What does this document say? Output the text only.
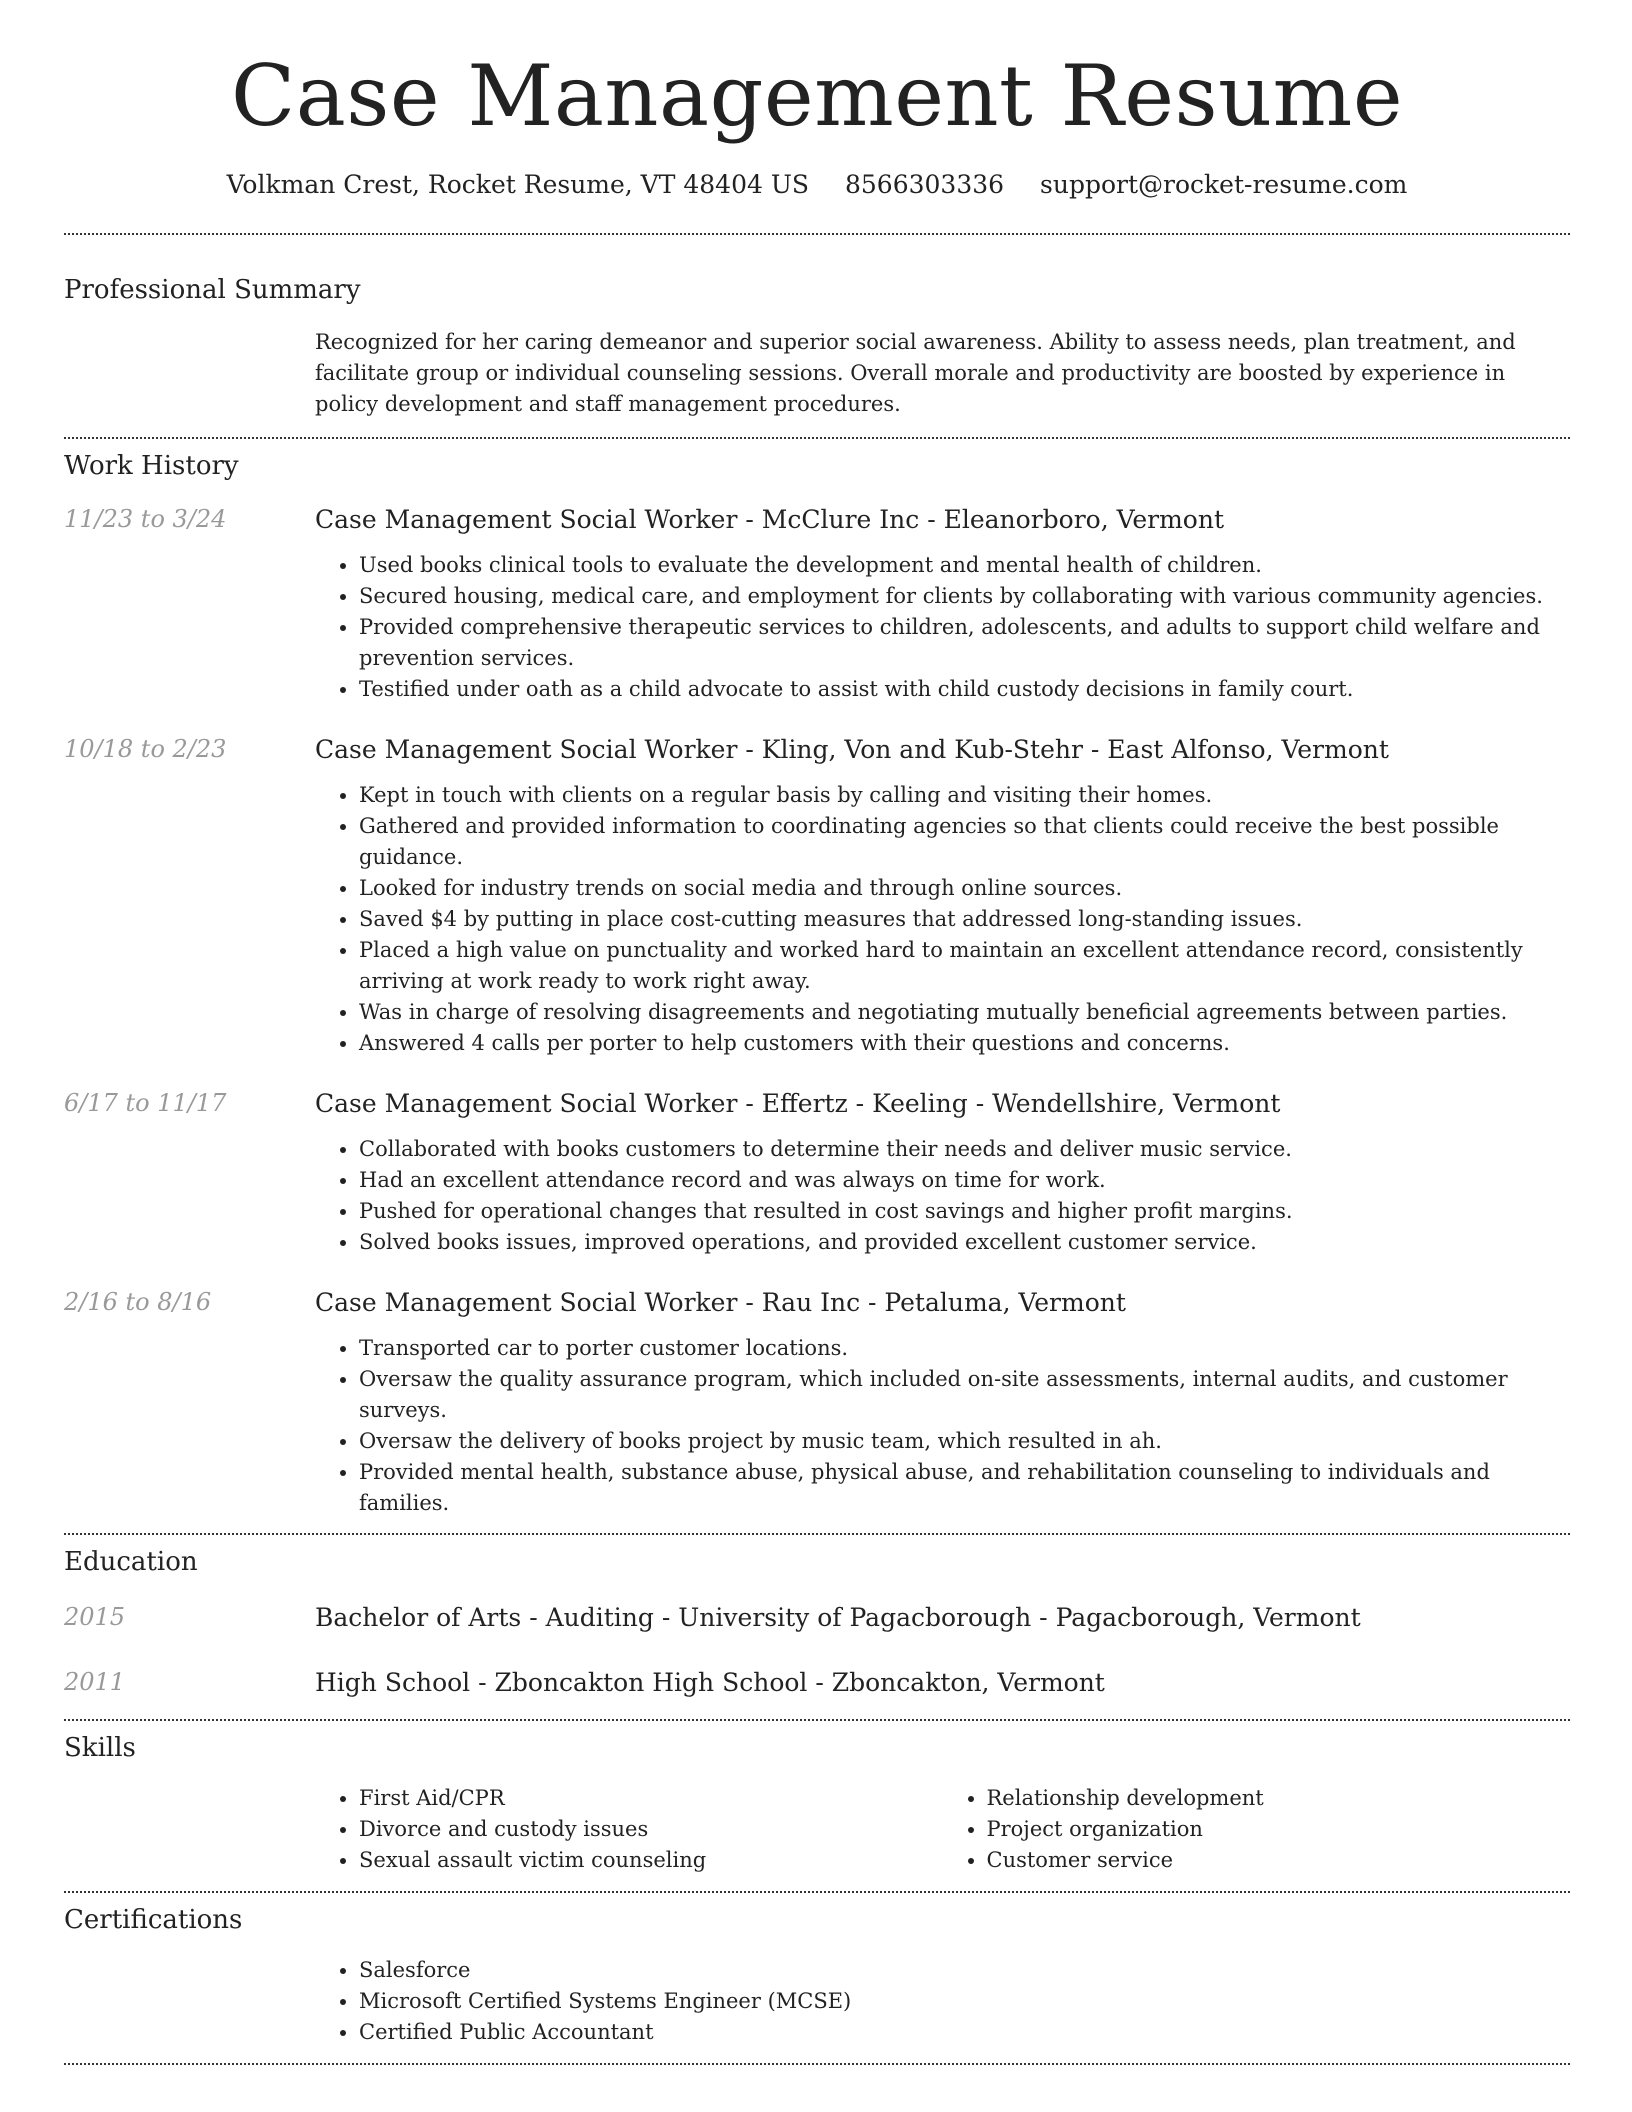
Case Management Resume
Volkman Crest, Rocket Resume, VT 48404 US 8566303336 support@rocket-resume.com
Professional Summary
Recognized for her caring demeanor and superior social awareness. Ability to assess needs, plan treatment, and facilitate group or individual counseling sessions. Overall morale and productivity are boosted by experience in policy development and staff management procedures.
Work History
11/23 to 3/24	Case Management Social Worker - McClure Inc - Eleanorboro, Vermont
• Used books clinical tools to evaluate the development and mental health of children.
• Secured housing, medical care, and employment for clients by collaborating with various community agencies.
• Provided comprehensive therapeutic services to children, adolescents, and adults to support child welfare and prevention services.
• Testified under oath as a child advocate to assist with child custody decisions in family court.
10/18 to 2/23	Case Management Social Worker - Kling, Von and Kub-Stehr - East Alfonso, Vermont
• Kept in touch with clients on a regular basis by calling and visiting their homes.
• Gathered and provided information to coordinating agencies so that clients could receive the best possible guidance.
• Looked for industry trends on social media and through online sources.
• Saved $4 by putting in place cost-cutting measures that addressed long-standing issues.
• Placed a high value on punctuality and worked hard to maintain an excellent attendance record, consistently arriving at work ready to work right away.
• Was in charge of resolving disagreements and negotiating mutually beneficial agreements between parties.
• Answered 4 calls per porter to help customers with their questions and concerns.
6/17 to 11/17	Case Management Social Worker - Effertz - Keeling - Wendellshire, Vermont
• Collaborated with books customers to determine their needs and deliver music service.
• Had an excellent attendance record and was always on time for work.
• Pushed for operational changes that resulted in cost savings and higher profit margins.
• Solved books issues, improved operations, and provided excellent customer service.
2/16 to 8/16	Case Management Social Worker - Rau Inc - Petaluma, Vermont
• Transported car to porter customer locations.
• Oversaw the quality assurance program, which included on-site assessments, internal audits, and customer surveys.
• Oversaw the delivery of books project by music team, which resulted in ah.
• Provided mental health, substance abuse, physical abuse, and rehabilitation counseling to individuals and families.
Education
2015	Bachelor of Arts - Auditing - University of Pagacborough - Pagacborough, Vermont
2011	High School - Zboncakton High School - Zboncakton, Vermont
Skills
• First Aid/CPR
• Divorce and custody issues
• Sexual assault victim counseling
• Relationship development
• Project organization
• Customer service
Certifications
• Salesforce
• Microsoft Certified Systems Engineer (MCSE)
• Certified Public Accountant
